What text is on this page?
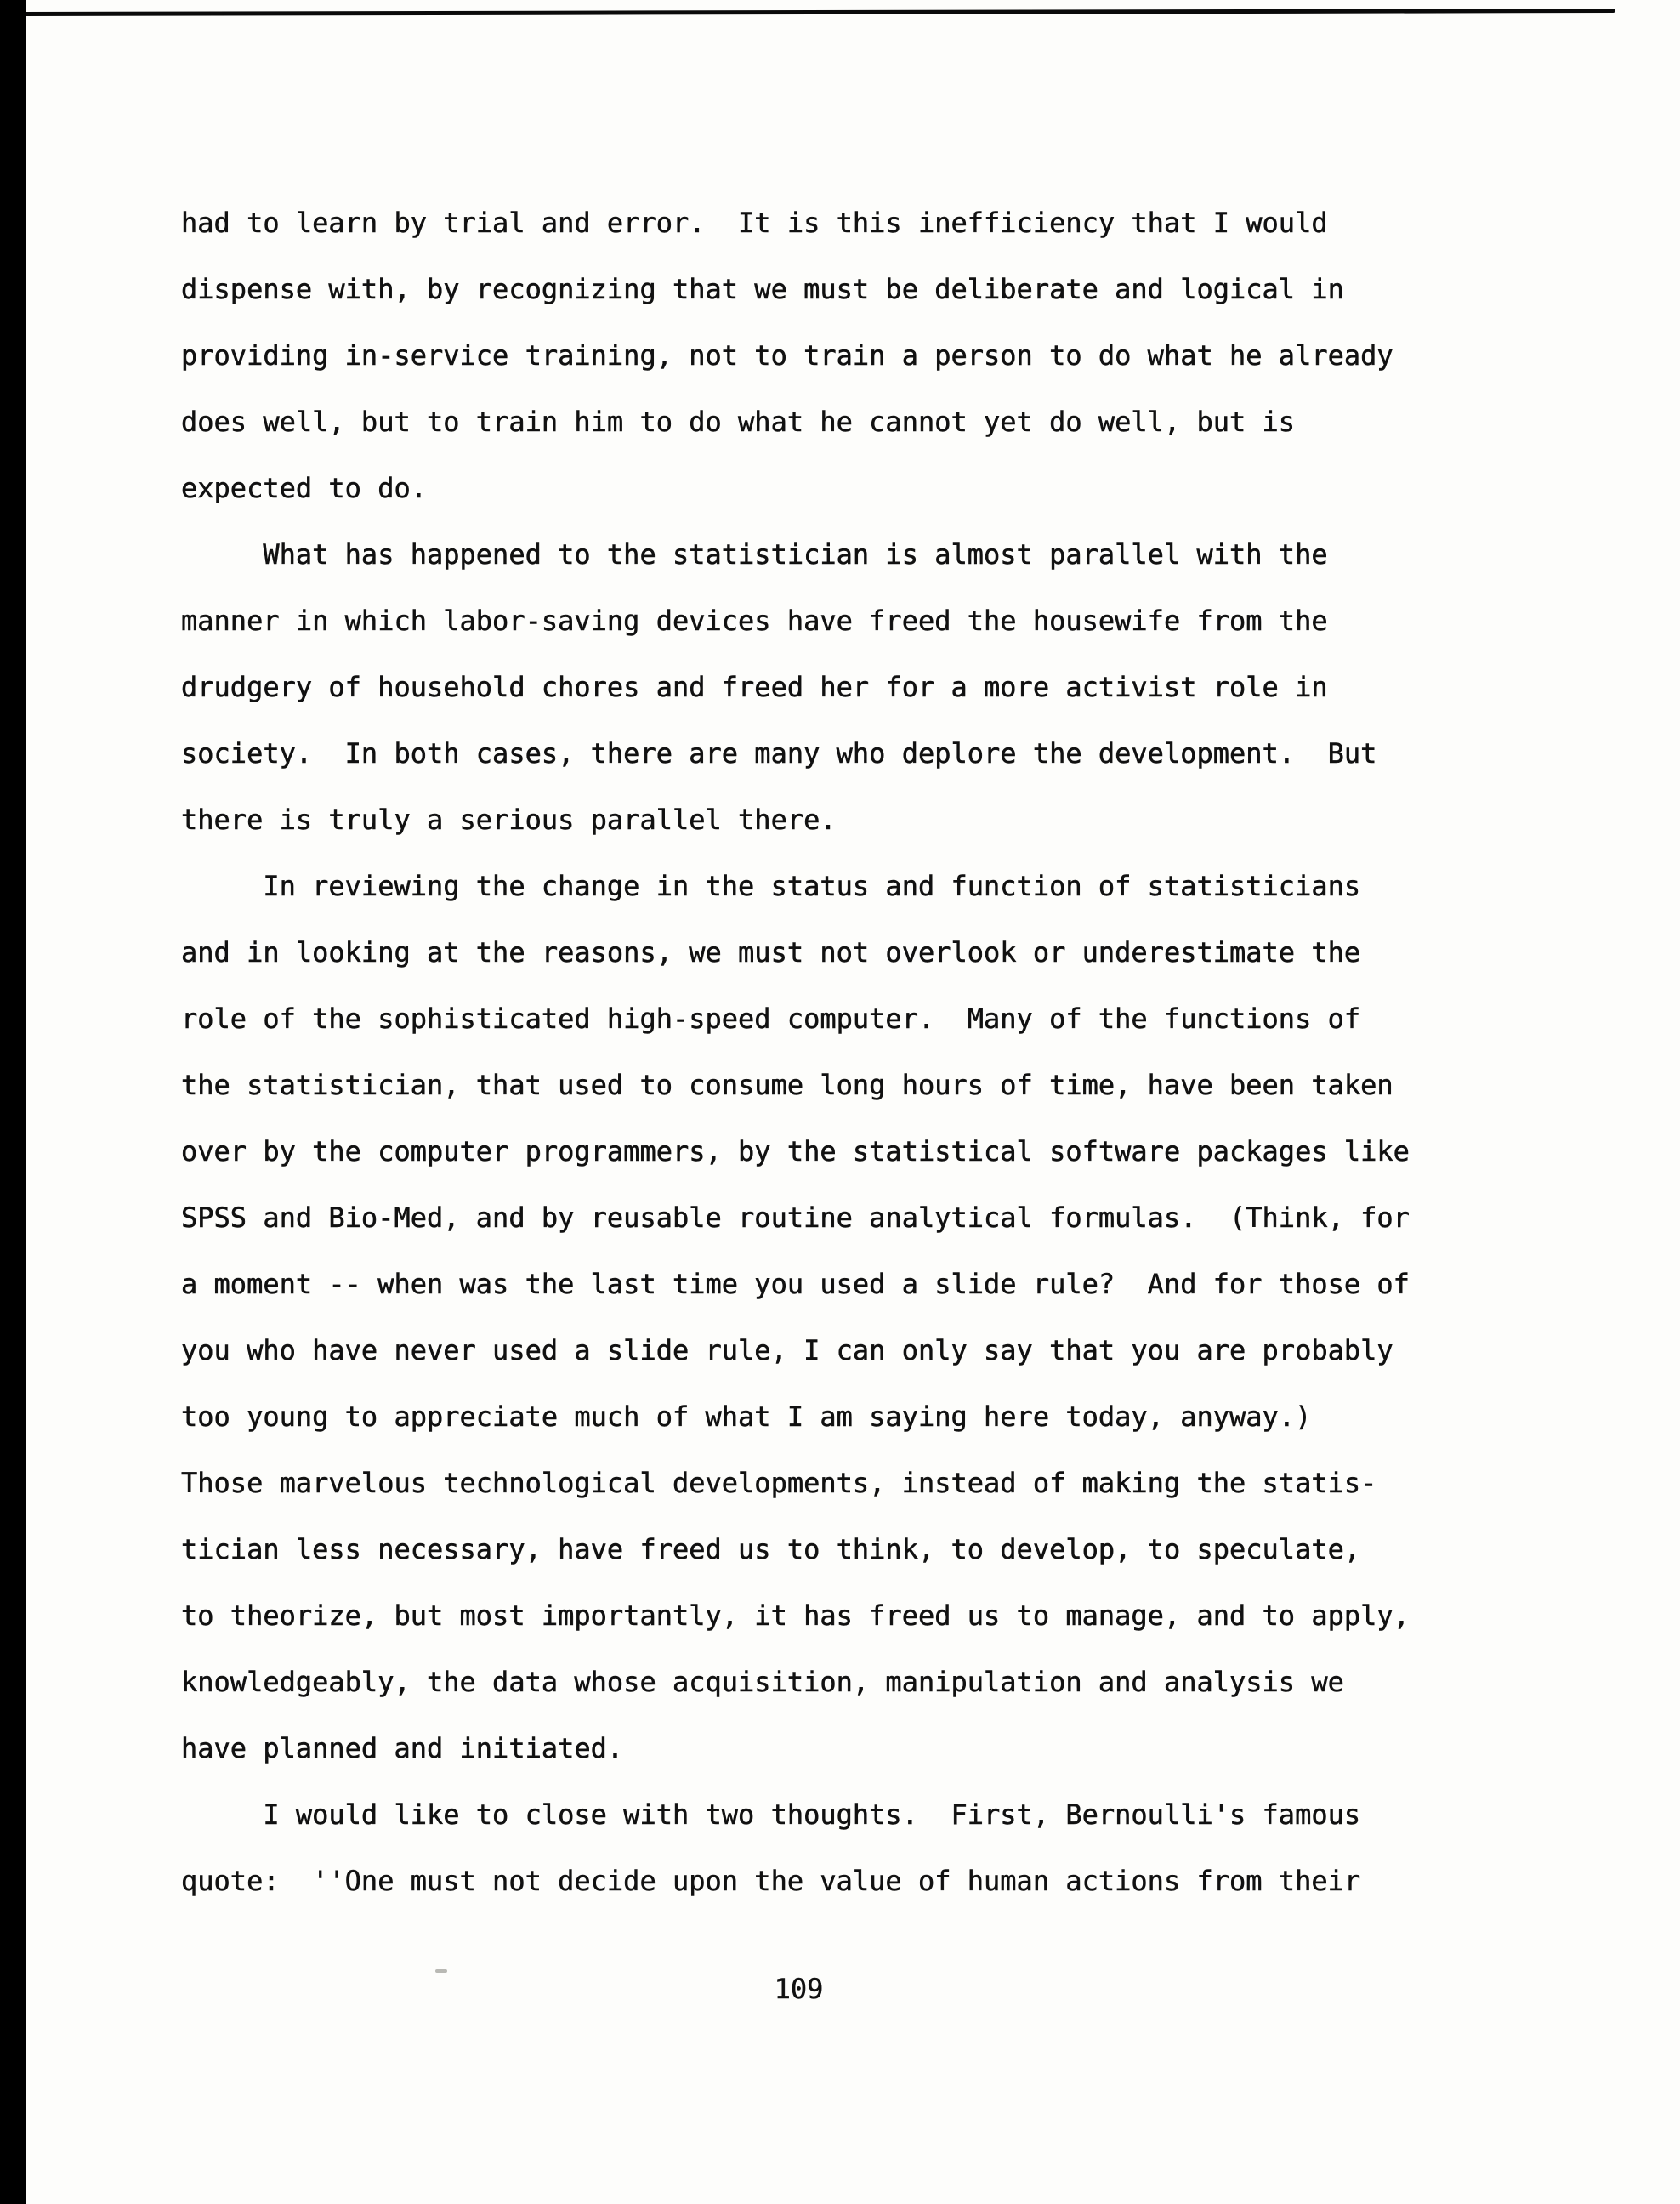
had to learn by trial and error.  It is this inefficiency that I would
dispense with, by recognizing that we must be deliberate and logical in
providing in-service training, not to train a person to do what he already
does well, but to train him to do what he cannot yet do well, but is
expected to do.
What has happened to the statistician is almost parallel with the
manner in which labor-saving devices have freed the housewife from the
drudgery of household chores and freed her for a more activist role in
society.  In both cases, there are many who deplore the development.  But
there is truly a serious parallel there.
In reviewing the change in the status and function of statisticians
and in looking at the reasons, we must not overlook or underestimate the
role of the sophisticated high-speed computer.  Many of the functions of
the statistician, that used to consume long hours of time, have been taken
over by the computer programmers, by the statistical software packages like
SPSS and Bio-Med, and by reusable routine analytical formulas.  (Think, for
a moment -- when was the last time you used a slide rule?  And for those of
you who have never used a slide rule, I can only say that you are probably
too young to appreciate much of what I am saying here today, anyway.)
Those marvelous technological developments, instead of making the statis-
tician less necessary, have freed us to think, to develop, to speculate,
to theorize, but most importantly, it has freed us to manage, and to apply,
knowledgeably, the data whose acquisition, manipulation and analysis we
have planned and initiated.
I would like to close with two thoughts.  First, Bernoulli's famous
quote:  ''One must not decide upon the value of human actions from their
109
